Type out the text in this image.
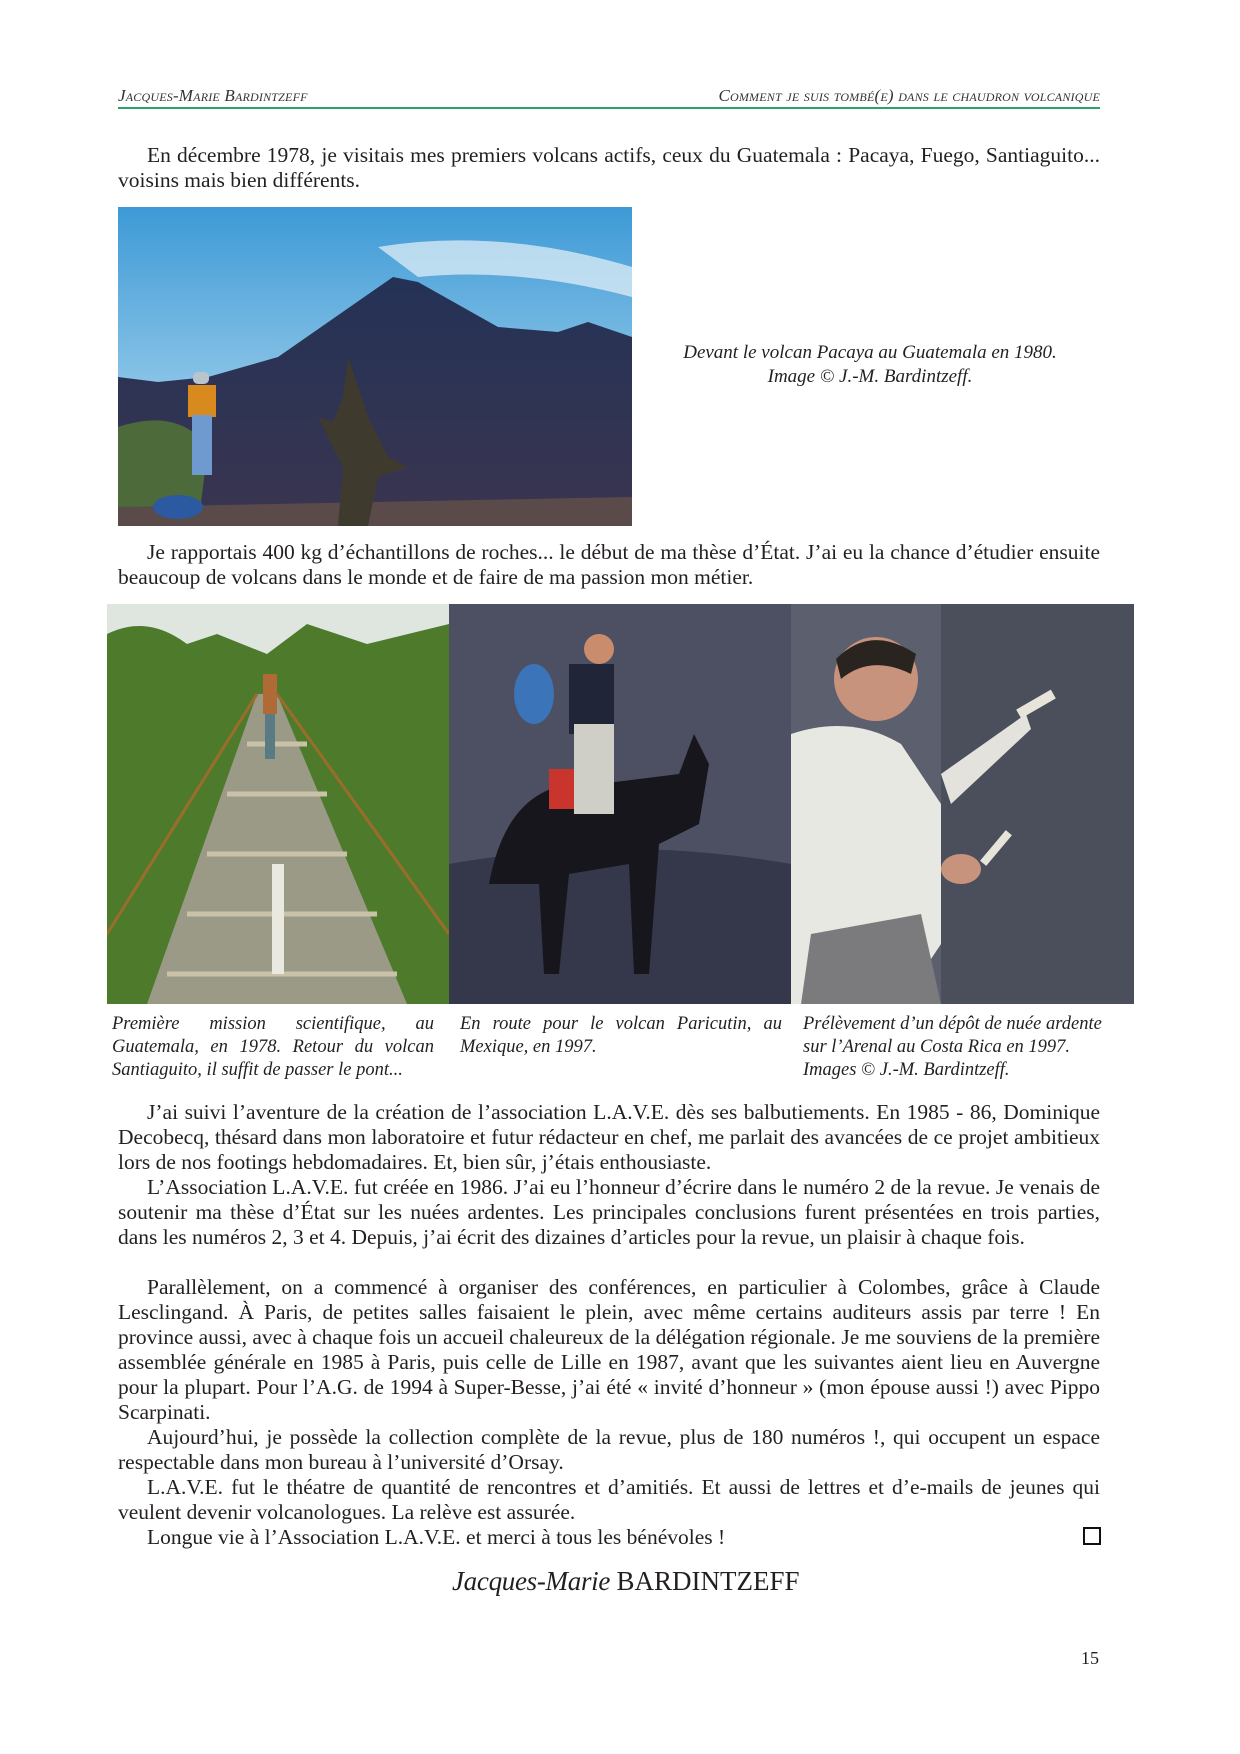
Jacques-Marie Bardintzeff	Comment je suis tombé(e) dans le chaudron volcanique

En décembre 1978, je visitais mes premiers volcans actifs, ceux du Guatemala : Pacaya, Fuego, Santiaguito... voisins mais bien différents.

Devant le volcan Pacaya au Guatemala en 1980.
Image © J.-M. Bardintzeff.

Je rapportais 400 kg d’échantillons de roches... le début de ma thèse d’État. J’ai eu la chance d’étudier ensuite beaucoup de volcans dans le monde et de faire de ma passion mon métier.

Première mission scientifique, au Guatemala, en 1978. Retour du volcan Santiaguito, il suffit de passer le pont...
En route pour le volcan Paricutin, au Mexique, en 1997.
Prélèvement d’un dépôt de nuée ardente sur l’Arenal au Costa Rica en 1997. Images © J.-M. Bardintzeff.

J’ai suivi l’aventure de la création de l’association L.A.V.E. dès ses balbutiements. En 1985 - 86, Dominique Decobecq, thésard dans mon laboratoire et futur rédacteur en chef, me parlait des avancées de ce projet ambitieux lors de nos footings hebdomadaires. Et, bien sûr, j’étais enthousiaste.

L’Association L.A.V.E. fut créée en 1986. J’ai eu l’honneur d’écrire dans le numéro 2 de la revue. Je venais de soutenir ma thèse d’État sur les nuées ardentes. Les principales conclusions furent présentées en trois parties, dans les numéros 2, 3 et 4. Depuis, j’ai écrit des dizaines d’articles pour la revue, un plaisir à chaque fois.

Parallèlement, on a commencé à organiser des conférences, en particulier à Colombes, grâce à Claude Lesclingand. À Paris, de petites salles faisaient le plein, avec même certains auditeurs assis par terre ! En province aussi, avec à chaque fois un accueil chaleureux de la délégation régionale. Je me souviens de la première assemblée générale en 1985 à Paris, puis celle de Lille en 1987, avant que les suivantes aient lieu en Auvergne pour la plupart. Pour l’A.G. de 1994 à Super-Besse, j’ai été « invité d’honneur » (mon épouse aussi !) avec Pippo Scarpinati.

Aujourd’hui, je possède la collection complète de la revue, plus de 180 numéros !, qui occupent un espace respectable dans mon bureau à l’université d’Orsay.

L.A.V.E. fut le théatre de quantité de rencontres et d’amitiés. Et aussi de lettres et d’e-mails de jeunes qui veulent devenir volcanologues. La relève est assurée.

Longue vie à l’Association L.A.V.E. et merci à tous les bénévoles !

Jacques-Marie BARDINTZEFF
15
